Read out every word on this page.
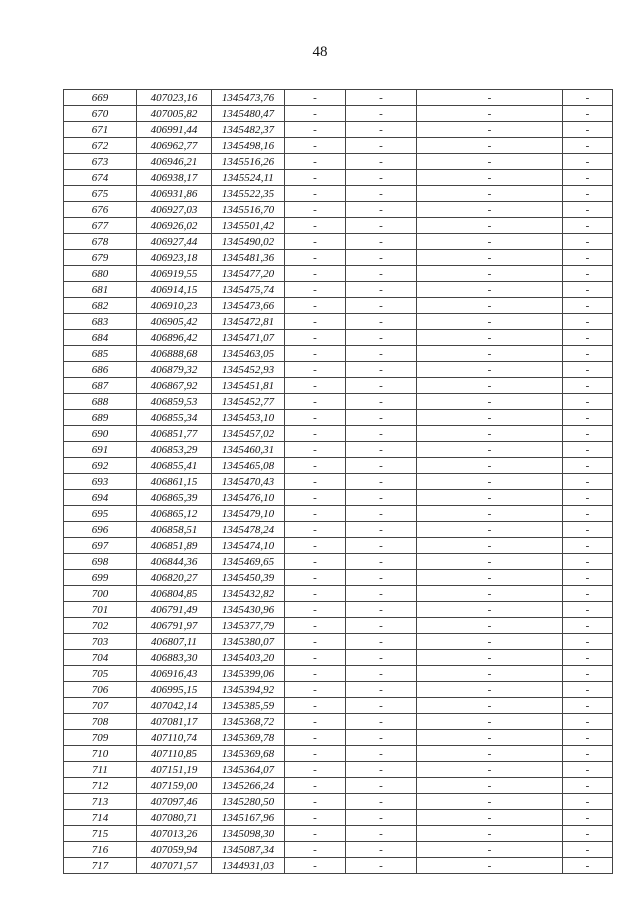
48
669	407023,16	1345473,76	-	-	-	-
670	407005,82	1345480,47	-	-	-	-
671	406991,44	1345482,37	-	-	-	-
672	406962,77	1345498,16	-	-	-	-
673	406946,21	1345516,26	-	-	-	-
674	406938,17	1345524,11	-	-	-	-
675	406931,86	1345522,35	-	-	-	-
676	406927,03	1345516,70	-	-	-	-
677	406926,02	1345501,42	-	-	-	-
678	406927,44	1345490,02	-	-	-	-
679	406923,18	1345481,36	-	-	-	-
680	406919,55	1345477,20	-	-	-	-
681	406914,15	1345475,74	-	-	-	-
682	406910,23	1345473,66	-	-	-	-
683	406905,42	1345472,81	-	-	-	-
684	406896,42	1345471,07	-	-	-	-
685	406888,68	1345463,05	-	-	-	-
686	406879,32	1345452,93	-	-	-	-
687	406867,92	1345451,81	-	-	-	-
688	406859,53	1345452,77	-	-	-	-
689	406855,34	1345453,10	-	-	-	-
690	406851,77	1345457,02	-	-	-	-
691	406853,29	1345460,31	-	-	-	-
692	406855,41	1345465,08	-	-	-	-
693	406861,15	1345470,43	-	-	-	-
694	406865,39	1345476,10	-	-	-	-
695	406865,12	1345479,10	-	-	-	-
696	406858,51	1345478,24	-	-	-	-
697	406851,89	1345474,10	-	-	-	-
698	406844,36	1345469,65	-	-	-	-
699	406820,27	1345450,39	-	-	-	-
700	406804,85	1345432,82	-	-	-	-
701	406791,49	1345430,96	-	-	-	-
702	406791,97	1345377,79	-	-	-	-
703	406807,11	1345380,07	-	-	-	-
704	406883,30	1345403,20	-	-	-	-
705	406916,43	1345399,06	-	-	-	-
706	406995,15	1345394,92	-	-	-	-
707	407042,14	1345385,59	-	-	-	-
708	407081,17	1345368,72	-	-	-	-
709	407110,74	1345369,78	-	-	-	-
710	407110,85	1345369,68	-	-	-	-
711	407151,19	1345364,07	-	-	-	-
712	407159,00	1345266,24	-	-	-	-
713	407097,46	1345280,50	-	-	-	-
714	407080,71	1345167,96	-	-	-	-
715	407013,26	1345098,30	-	-	-	-
716	407059,94	1345087,34	-	-	-	-
717	407071,57	1344931,03	-	-	-	-
